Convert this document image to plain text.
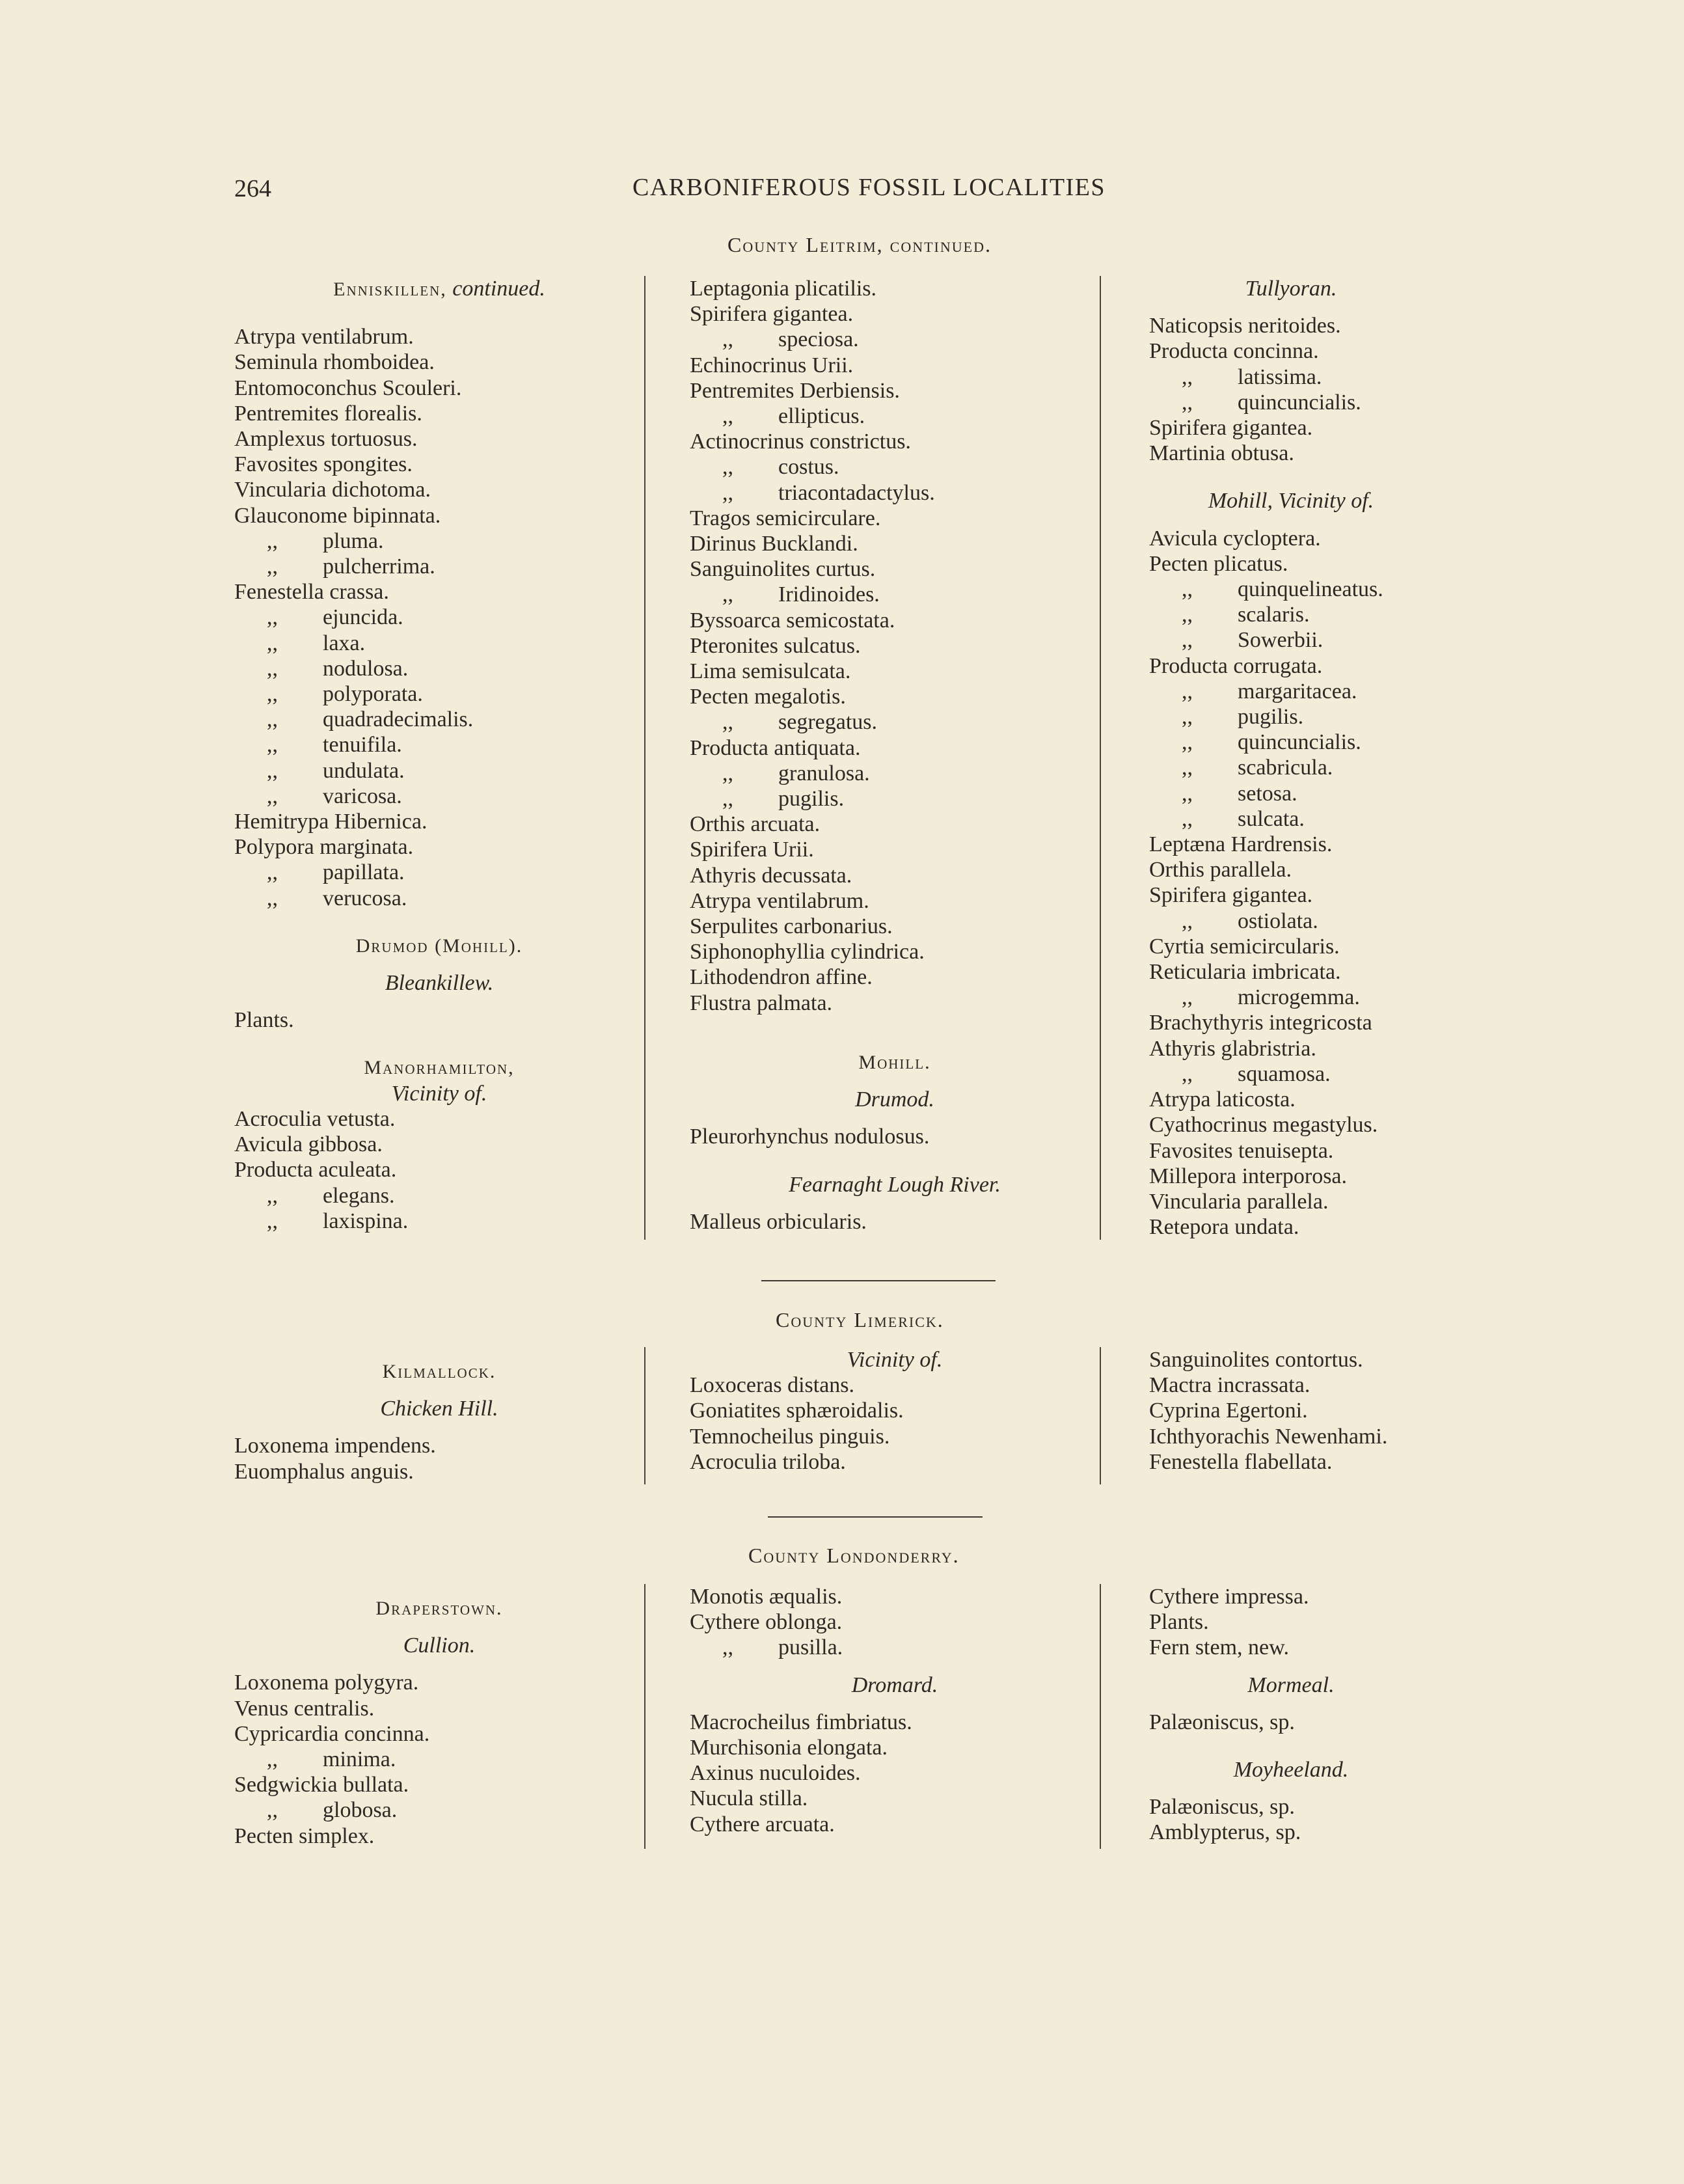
264	CARBONIFEROUS FOSSIL LOCALITIES
County Leitrim, continued.
Enniskillen, continued.
Atrypa ventilabrum.
Seminula rhomboidea.
Entomoconchus Scouleri.
Pentremites florealis.
Amplexus tortuosus.
Favosites spongites.
Vincularia dichotoma.
Glauconome bipinnata.
,, pluma.
,, pulcherrima.
Fenestella crassa.
,, ejuncida.
,, laxa.
,, nodulosa.
,, polyporata.
,, quadradecimalis.
,, tenuifila.
,, undulata.
,, varicosa.
Hemitrypa Hibernica.
Polypora marginata.
,, papillata.
,, verucosa.
Drumod (Mohill).
Bleankillew.
Plants.
Manorhamilton,
Vicinity of.
Acroculia vetusta.
Avicula gibbosa.
Producta aculeata.
,, elegans.
,, laxispina.
Leptagonia plicatilis.
Spirifera gigantea.
,, speciosa.
Echinocrinus Urii.
Pentremites Derbiensis.
,, ellipticus.
Actinocrinus constrictus.
,, costus.
,, triacontadactylus.
Tragos semicirculare.
Dirinus Bucklandi.
Sanguinolites curtus.
,, Iridinoides.
Byssoarca semicostata.
Pteronites sulcatus.
Lima semisulcata.
Pecten megalotis.
,, segregatus.
Producta antiquata.
,, granulosa.
,, pugilis.
Orthis arcuata.
Spirifera Urii.
Athyris decussata.
Atrypa ventilabrum.
Serpulites carbonarius.
Siphonophyllia cylindrica.
Lithodendron affine.
Flustra palmata.
Mohill.
Drumod.
Pleurorhynchus nodulosus.
Fearnaght Lough River.
Malleus orbicularis.
Tullyoran.
Naticopsis neritoides.
Producta concinna.
,, latissima.
,, quincuncialis.
Spirifera gigantea.
Martinia obtusa.
Mohill, Vicinity of.
Avicula cycloptera.
Pecten plicatus.
,, quinquelineatus.
,, scalaris.
,, Sowerbii.
Producta corrugata.
,, margaritacea.
,, pugilis.
,, quincuncialis.
,, scabricula.
,, setosa.
,, sulcata.
Leptæna Hardrensis.
Orthis parallela.
Spirifera gigantea.
,, ostiolata.
Cyrtia semicircularis.
Reticularia imbricata.
,, microgemma.
Brachythyris integricosta
Athyris glabristria.
,, squamosa.
Atrypa laticosta.
Cyathocrinus megastylus.
Favosites tenuisepta.
Millepora interporosa.
Vincularia parallela.
Retepora undata.
County Limerick.
Kilmallock.
Chicken Hill.
Loxonema impendens.
Euomphalus anguis.
Vicinity of.
Loxoceras distans.
Goniatites sphæroidalis.
Temnocheilus pinguis.
Acroculia triloba.
Sanguinolites contortus.
Mactra incrassata.
Cyprina Egertoni.
Ichthyorachis Newenhami.
Fenestella flabellata.
County Londonderry.
Draperstown.
Cullion.
Loxonema polygyra.
Venus centralis.
Cypricardia concinna.
,, minima.
Sedgwickia bullata.
,, globosa.
Pecten simplex.
Monotis æqualis.
Cythere oblonga.
,, pusilla.
Dromard.
Macrocheilus fimbriatus.
Murchisonia elongata.
Axinus nuculoides.
Nucula stilla.
Cythere arcuata.
Cythere impressa.
Plants.
Fern stem, new.
Mormeal.
Palæoniscus, sp.
Moyheeland.
Palæoniscus, sp.
Amblypterus, sp.
